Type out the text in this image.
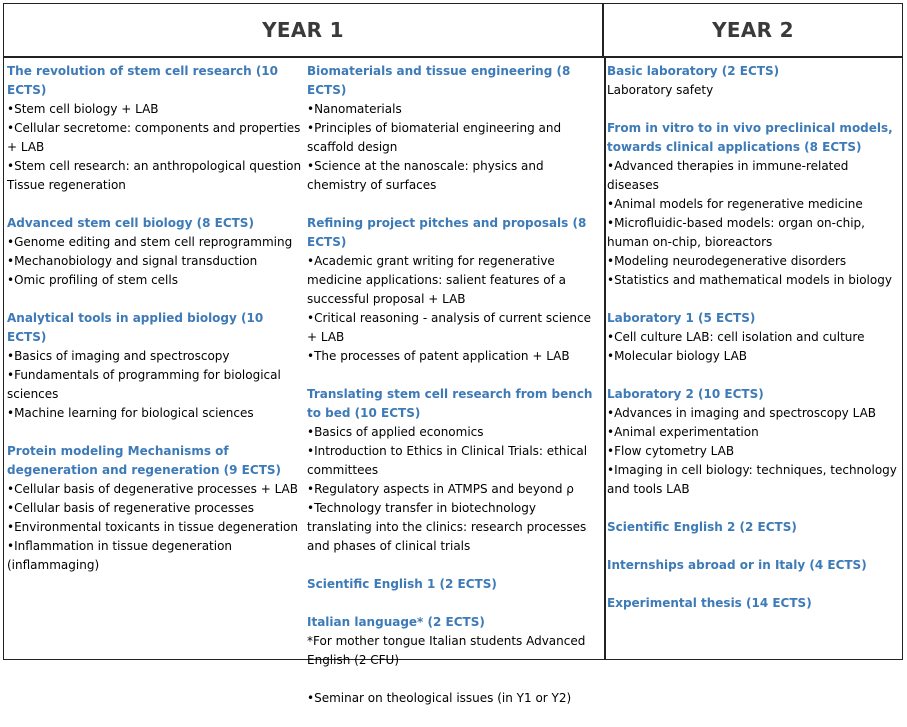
YEAR 1	YEAR 2
The revolution of stem cell research (10 ECTS)
• Stem cell biology + LAB
• Cellular secretome: components and properties + LAB
• Stem cell research: an anthropological question
Tissue regeneration
Advanced stem cell biology (8 ECTS)
• Genome editing and stem cell reprogramming
• Mechanobiology and signal transduction
• Omic profiling of stem cells
Analytical tools in applied biology (10 ECTS)
• Basics of imaging and spectroscopy
• Fundamentals of programming for biological sciences
• Machine learning for biological sciences
Protein modeling Mechanisms of degeneration and regeneration (9 ECTS)
• Cellular basis of degenerative processes + LAB
• Cellular basis of regenerative processes
• Environmental toxicants in tissue degeneration
• Inflammation in tissue degeneration (inflammaging)
Biomaterials and tissue engineering (8 ECTS)
• Nanomaterials
• Principles of biomaterial engineering and scaffold design
• Science at the nanoscale: physics and chemistry of surfaces
Refining project pitches and proposals (8 ECTS)
• Academic grant writing for regenerative medicine applications: salient features of a successful proposal + LAB
• Critical reasoning - analysis of current science + LAB
• The processes of patent application + LAB
Translating stem cell research from bench to bed (10 ECTS)
• Basics of applied economics
• Introduction to Ethics in Clinical Trials: ethical committees
• Regulatory aspects in ATMPS and beyond ρ
• Technology transfer in biotechnology translating into the clinics: research processes and phases of clinical trials
Scientific English 1 (2 ECTS)
Italian language* (2 ECTS)
*For mother tongue Italian students Advanced English (2 CFU)
• Seminar on theological issues (in Y1 or Y2)
Basic laboratory (2 ECTS)
Laboratory safety
From in vitro to in vivo preclinical models, towards clinical applications (8 ECTS)
• Advanced therapies in immune-related diseases
• Animal models for regenerative medicine
• Microfluidic-based models: organ on-chip, human on-chip, bioreactors
• Modeling neurodegenerative disorders
• Statistics and mathematical models in biology
Laboratory 1 (5 ECTS)
• Cell culture LAB: cell isolation and culture
• Molecular biology LAB
Laboratory 2 (10 ECTS)
• Advances in imaging and spectroscopy LAB
• Animal experimentation
• Flow cytometry LAB
• Imaging in cell biology: techniques, technology and tools LAB
Scientific English 2 (2 ECTS)
Internships abroad or in Italy (4 ECTS)
Experimental thesis (14 ECTS)
